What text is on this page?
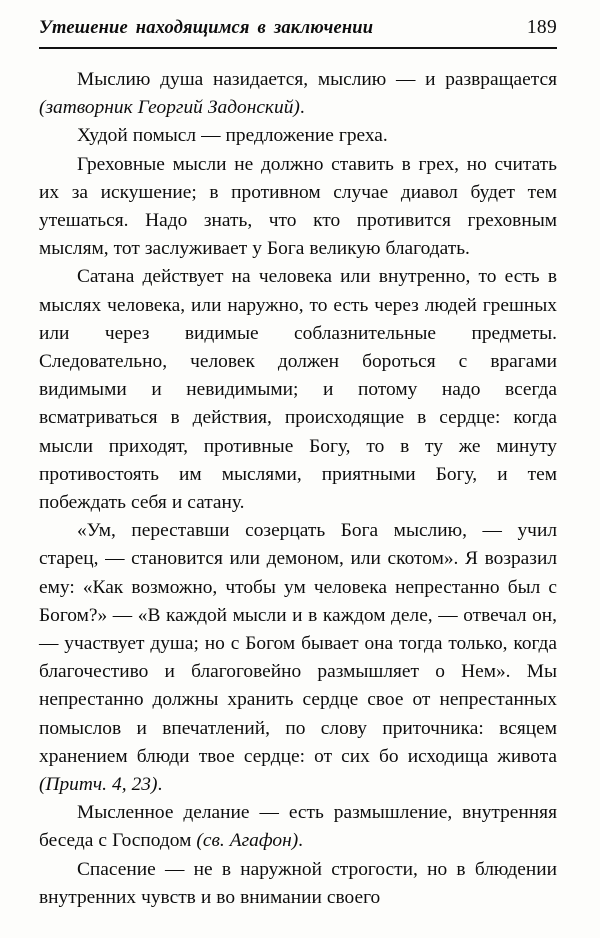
Утешение находящимся в заключении	189

Мыслию душа назидается, мыслию — и развращается (затворник Георгий Задонский).

Худой помысл — предложение греха.

Греховные мысли не должно ставить в грех, но считать их за искушение; в противном случае диавол будет тем утешаться. Надо знать, что кто противится греховным мыслям, тот заслуживает у Бога великую благодать.

Сатана действует на человека или внутренно, то есть в мыслях человека, или наружно, то есть через людей грешных или через видимые соблазнительные предметы. Следовательно, человек должен бороться с врагами видимыми и невидимыми; и потому надо всегда всматриваться в действия, происходящие в сердце: когда мысли приходят, противные Богу, то в ту же минуту противостоять им мыслями, приятными Богу, и тем побеждать себя и сатану.

«Ум, переставши созерцать Бога мыслию, — учил старец, — становится или демоном, или скотом». Я возразил ему: «Как возможно, чтобы ум человека непрестанно был с Богом?» — «В каждой мысли и в каждом деле, — отвечал он, — участвует душа; но с Богом бывает она тогда только, когда благочестиво и благоговейно размышляет о Нем». Мы непрестанно должны хранить сердце свое от непрестанных помыслов и впечатлений, по слову приточника: всяцем хранением блюди твое сердце: от сих бо исходища живота (Притч. 4, 23).

Мысленное делание — есть размышление, внутренняя беседа с Господом (св. Агафон).

Спасение — не в наружной строгости, но в блюдении внутренних чувств и во внимании своего
